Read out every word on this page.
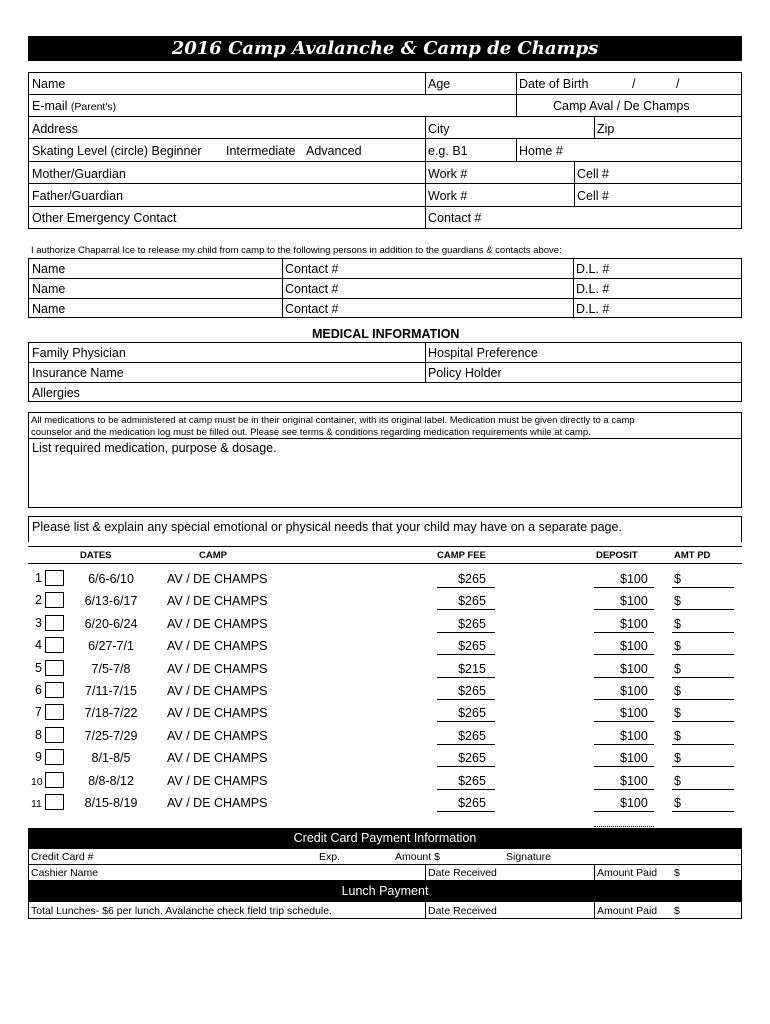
2016 Camp Avalanche & Camp de Champs
Name	Age	Date of Birth	/	/
E-mail (Parent's)	Camp Aval / De Champs
Address	City	Zip
Skating Level (circle) Beginner Intermediate Advanced	e.g. B1	Home #
Mother/Guardian	Work #	Cell #
Father/Guardian	Work #	Cell #
Other Emergency Contact	Contact #
I authorize Chaparral Ice to release my child from camp to the following persons in addition to the guardians & contacts above:
Name	Contact #	D.L. #
Name	Contact #	D.L. #
Name	Contact #	D.L. #
MEDICAL INFORMATION
Family Physician	Hospital Preference
Insurance Name	Policy Holder
Allergies
All medications to be administered at camp must be in their original container, with its original label. Medication must be given directly to a camp
counselor and the medication log must be filled out. Please see terms & conditions regarding medication requirements while at camp.
List required medication, purpose & dosage.
Please list & explain any special emotional or physical needs that your child may have on a separate page.
DATES	CAMP	CAMP FEE	DEPOSIT	AMT PD
1	6/6-6/10	AV / DE CHAMPS	$265	$100 $
2	6/13-6/17	AV / DE CHAMPS	$265	$100 $
3	6/20-6/24	AV / DE CHAMPS	$265	$100 $
4	6/27-7/1	AV / DE CHAMPS	$265	$100 $
5	7/5-7/8	AV / DE CHAMPS	$215	$100 $
6	7/11-7/15	AV / DE CHAMPS	$265	$100 $
7	7/18-7/22	AV / DE CHAMPS	$265	$100 $
8	7/25-7/29	AV / DE CHAMPS	$265	$100 $
9	8/1-8/5	AV / DE CHAMPS	$265	$100 $
10	8/8-8/12	AV / DE CHAMPS	$265	$100 $
11	8/15-8/19	AV / DE CHAMPS	$265	$100 $
Credit Card Payment Information
Credit Card #	Exp.	Amount $	Signature
Cashier Name	Date Received	Amount Paid $
Lunch Payment
Total Lunches- $6 per lunch. Avalanche check field trip schedule.	Date Received	Amount Paid $
